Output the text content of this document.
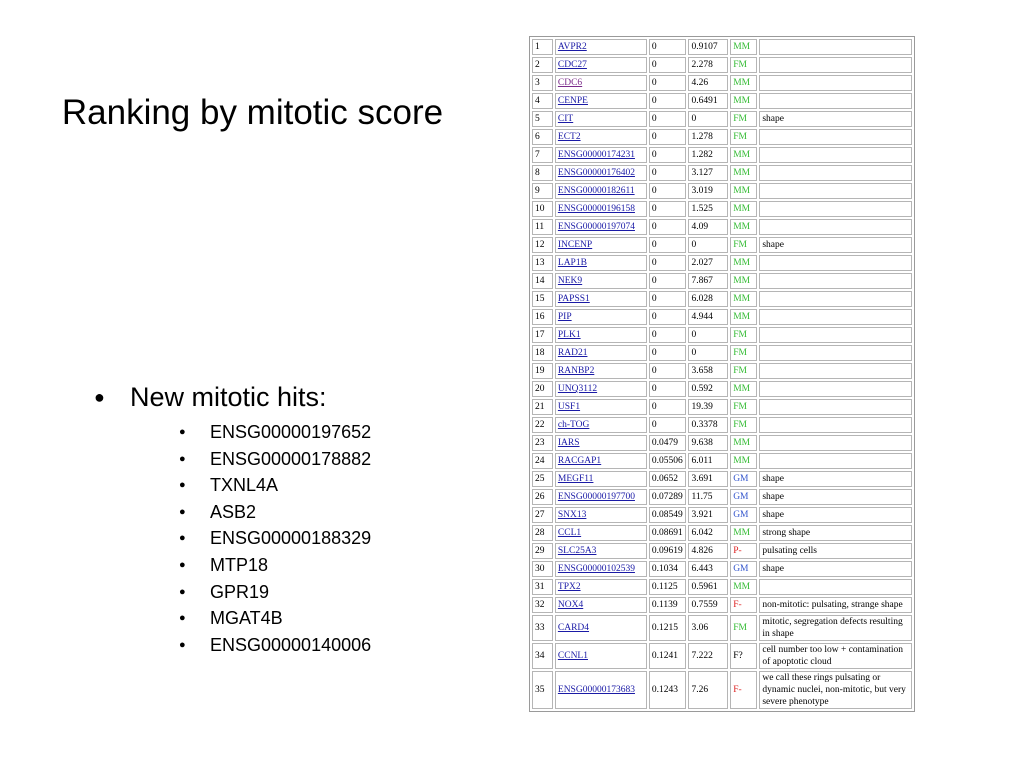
Ranking by mitotic score
● New mitotic hits:
● ENSG00000197652
● ENSG00000178882
● TXNL4A
● ASB2
● ENSG00000188329
● MTP18
● GPR19
● MGAT4B
● ENSG00000140006
1	AVPR2	0	0.9107	MM	
2	CDC27	0	2.278	FM	
3	CDC6	0	4.26	MM	
4	CENPE	0	0.6491	MM	
5	CIT	0	0	FM	shape
6	ECT2	0	1.278	FM	
7	ENSG00000174231	0	1.282	MM	
8	ENSG00000176402	0	3.127	MM	
9	ENSG00000182611	0	3.019	MM	
10	ENSG00000196158	0	1.525	MM	
11	ENSG00000197074	0	4.09	MM	
12	INCENP	0	0	FM	shape
13	LAP1B	0	2.027	MM	
14	NEK9	0	7.867	MM	
15	PAPSS1	0	6.028	MM	
16	PIP	0	4.944	MM	
17	PLK1	0	0	FM	
18	RAD21	0	0	FM	
19	RANBP2	0	3.658	FM	
20	UNQ3112	0	0.592	MM	
21	USF1	0	19.39	FM	
22	ch-TOG	0	0.3378	FM	
23	IARS	0.0479	9.638	MM	
24	RACGAP1	0.05506	6.011	MM	
25	MEGF11	0.0652	3.691	GM	shape
26	ENSG00000197700	0.07289	11.75	GM	shape
27	SNX13	0.08549	3.921	GM	shape
28	CCL1	0.08691	6.042	MM	strong shape
29	SLC25A3	0.09619	4.826	P-	pulsating cells
30	ENSG00000102539	0.1034	6.443	GM	shape
31	TPX2	0.1125	0.5961	MM	
32	NOX4	0.1139	0.7559	F-	non-mitotic: pulsating, strange shape
33	CARD4	0.1215	3.06	FM	mitotic, segregation defects resulting in shape
34	CCNL1	0.1241	7.222	F?	cell number too low + contamination of apoptotic cloud
35	ENSG00000173683	0.1243	7.26	F-	we call these rings pulsating or dynamic nuclei, non-mitotic, but very severe phenotype
